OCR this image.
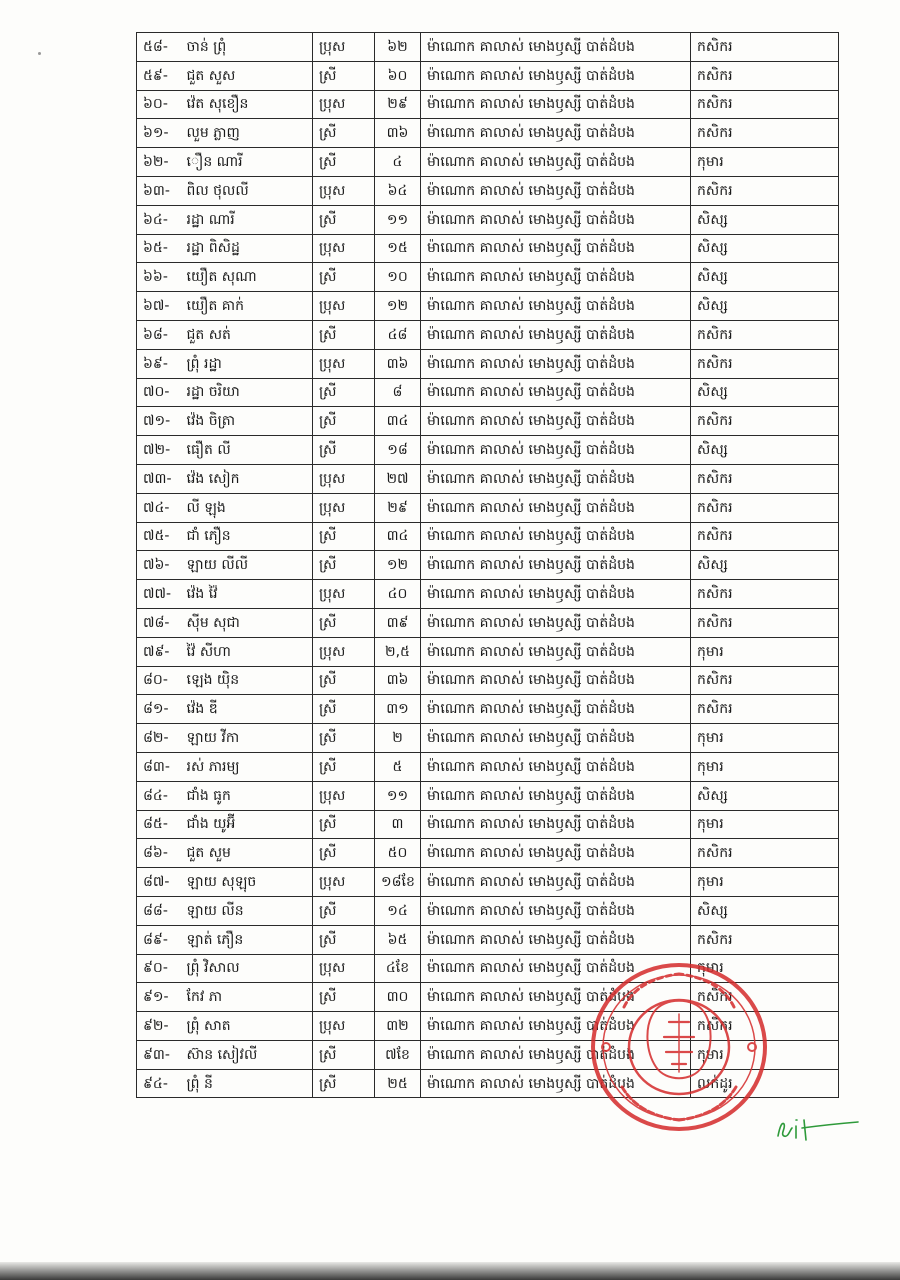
៥៨-	ចាន់ ព្រុំ	ប្រុស	៦២	ម៉ាណោក គាលាស់ មោងឫស្សី បាត់ដំបង	កសិករ
៥៩-	ជួត សួស	ស្រី	៦០	ម៉ាណោក គាលាស់ មោងឫស្សី បាត់ដំបង	កសិករ
៦០-	វ៉េត សុខឿន	ប្រុស	២៩	ម៉ាណោក គាលាស់ មោងឫស្សី បាត់ដំបង	កសិករ
៦១-	លួម ភ្លាញ	ស្រី	៣៦	ម៉ាណោក គាលាស់ មោងឫស្សី បាត់ដំបង	កសិករ
៦២-	ឿន ណារី	ស្រី	៤	ម៉ាណោក គាលាស់ មោងឫស្សី បាត់ដំបង	កុមារ
៦៣-	ពិល ថុលលី	ប្រុស	៦៤	ម៉ាណោក គាលាស់ មោងឫស្សី បាត់ដំបង	កសិករ
៦៤-	រដ្ឋា ណារី	ស្រី	១១	ម៉ាណោក គាលាស់ មោងឫស្សី បាត់ដំបង	សិស្ស
៦៥-	រដ្ឋា ពិសិដ្ឋ	ប្រុស	១៥	ម៉ាណោក គាលាស់ មោងឫស្សី បាត់ដំបង	សិស្ស
៦៦-	យឿត សុណា	ស្រី	១០	ម៉ាណោក គាលាស់ មោងឫស្សី បាត់ដំបង	សិស្ស
៦៧-	យឿត គាក់	ប្រុស	១២	ម៉ាណោក គាលាស់ មោងឫស្សី បាត់ដំបង	សិស្ស
៦៨-	ជួត សត់	ស្រី	៤៨	ម៉ាណោក គាលាស់ មោងឫស្សី បាត់ដំបង	កសិករ
៦៩-	ព្រុំ រដ្ឋា	ប្រុស	៣៦	ម៉ាណោក គាលាស់ មោងឫស្សី បាត់ដំបង	កសិករ
៧០-	រដ្ឋា ចរិយា	ស្រី	៨	ម៉ាណោក គាលាស់ មោងឫស្សី បាត់ដំបង	សិស្ស
៧១-	វ៉េង ចិត្រា	ស្រី	៣៤	ម៉ាណោក គាលាស់ មោងឫស្សី បាត់ដំបង	កសិករ
៧២-	ធឿត លី	ស្រី	១៨	ម៉ាណោក គាលាស់ មោងឫស្សី បាត់ដំបង	សិស្ស
៧៣-	វ៉េង សៀក	ប្រុស	២៧	ម៉ាណោក គាលាស់ មោងឫស្សី បាត់ដំបង	កសិករ
៧៤-	លី ឡុង	ប្រុស	២៩	ម៉ាណោក គាលាស់ មោងឫស្សី បាត់ដំបង	កសិករ
៧៥-	ជាំ ភឿន	ស្រី	៣៤	ម៉ាណោក គាលាស់ មោងឫស្សី បាត់ដំបង	កសិករ
៧៦-	ឡាយ លីលី	ស្រី	១២	ម៉ាណោក គាលាស់ មោងឫស្សី បាត់ដំបង	សិស្ស
៧៧-	វ៉េង វ៉ៃ	ប្រុស	៤០	ម៉ាណោក គាលាស់ មោងឫស្សី បាត់ដំបង	កសិករ
៧៨-	ស៊ីម សុជា	ស្រី	៣៩	ម៉ាណោក គាលាស់ មោងឫស្សី បាត់ដំបង	កសិករ
៧៩-	វ៉ៃ សីហា	ប្រុស	២,៥	ម៉ាណោក គាលាស់ មោងឫស្សី បាត់ដំបង	កុមារ
៨០-	ឡេង យ៉ិន	ស្រី	៣៦	ម៉ាណោក គាលាស់ មោងឫស្សី បាត់ដំបង	កសិករ
៨១-	វ៉េង ឌី	ស្រី	៣១	ម៉ាណោក គាលាស់ មោងឫស្សី បាត់ដំបង	កសិករ
៨២-	ឡាយ វីកា	ស្រី	២	ម៉ាណោក គាលាស់ មោងឫស្សី បាត់ដំបង	កុមារ
៨៣-	រស់ ភារម្យ	ស្រី	៥	ម៉ាណោក គាលាស់ មោងឫស្សី បាត់ដំបង	កុមារ
៨៤-	ជាំង ធូក	ប្រុស	១១	ម៉ាណោក គាលាស់ មោងឫស្សី បាត់ដំបង	សិស្ស
៨៥-	ជាំង យូអ៊ី	ស្រី	៣	ម៉ាណោក គាលាស់ មោងឫស្សី បាត់ដំបង	កុមារ
៨៦-	ជួត សួម	ស្រី	៥០	ម៉ាណោក គាលាស់ មោងឫស្សី បាត់ដំបង	កសិករ
៨៧-	ឡាយ សុឡុច	ប្រុស	១៨ខែ	ម៉ាណោក គាលាស់ មោងឫស្សី បាត់ដំបង	កុមារ
៨៨-	ឡាយ លីន	ស្រី	១៤	ម៉ាណោក គាលាស់ មោងឫស្សី បាត់ដំបង	សិស្ស
៨៩-	ឡាត់ ភឿន	ស្រី	៦៥	ម៉ាណោក គាលាស់ មោងឫស្សី បាត់ដំបង	កសិករ
៩០-	ព្រុំ វិសាល	ប្រុស	៤ខែ	ម៉ាណោក គាលាស់ មោងឫស្សី បាត់ដំបង	កុមារ
៩១-	កែវ ភា	ស្រី	៣០	ម៉ាណោក គាលាស់ មោងឫស្សី បាត់ដំបង	កសិករ
៩២-	ព្រុំ សាត	ប្រុស	៣២	ម៉ាណោក គាលាស់ មោងឫស្សី បាត់ដំបង	កសិករ
៩៣-	ស៊ាន សៀវលី	ស្រី	៧ខែ	ម៉ាណោក គាលាស់ មោងឫស្សី បាត់ដំបង	កុមារ
៩៤-	ព្រុំ នី	ស្រី	២៥	ម៉ាណោក គាលាស់ មោងឫស្សី បាត់ដំបង	លក់ដូរ
